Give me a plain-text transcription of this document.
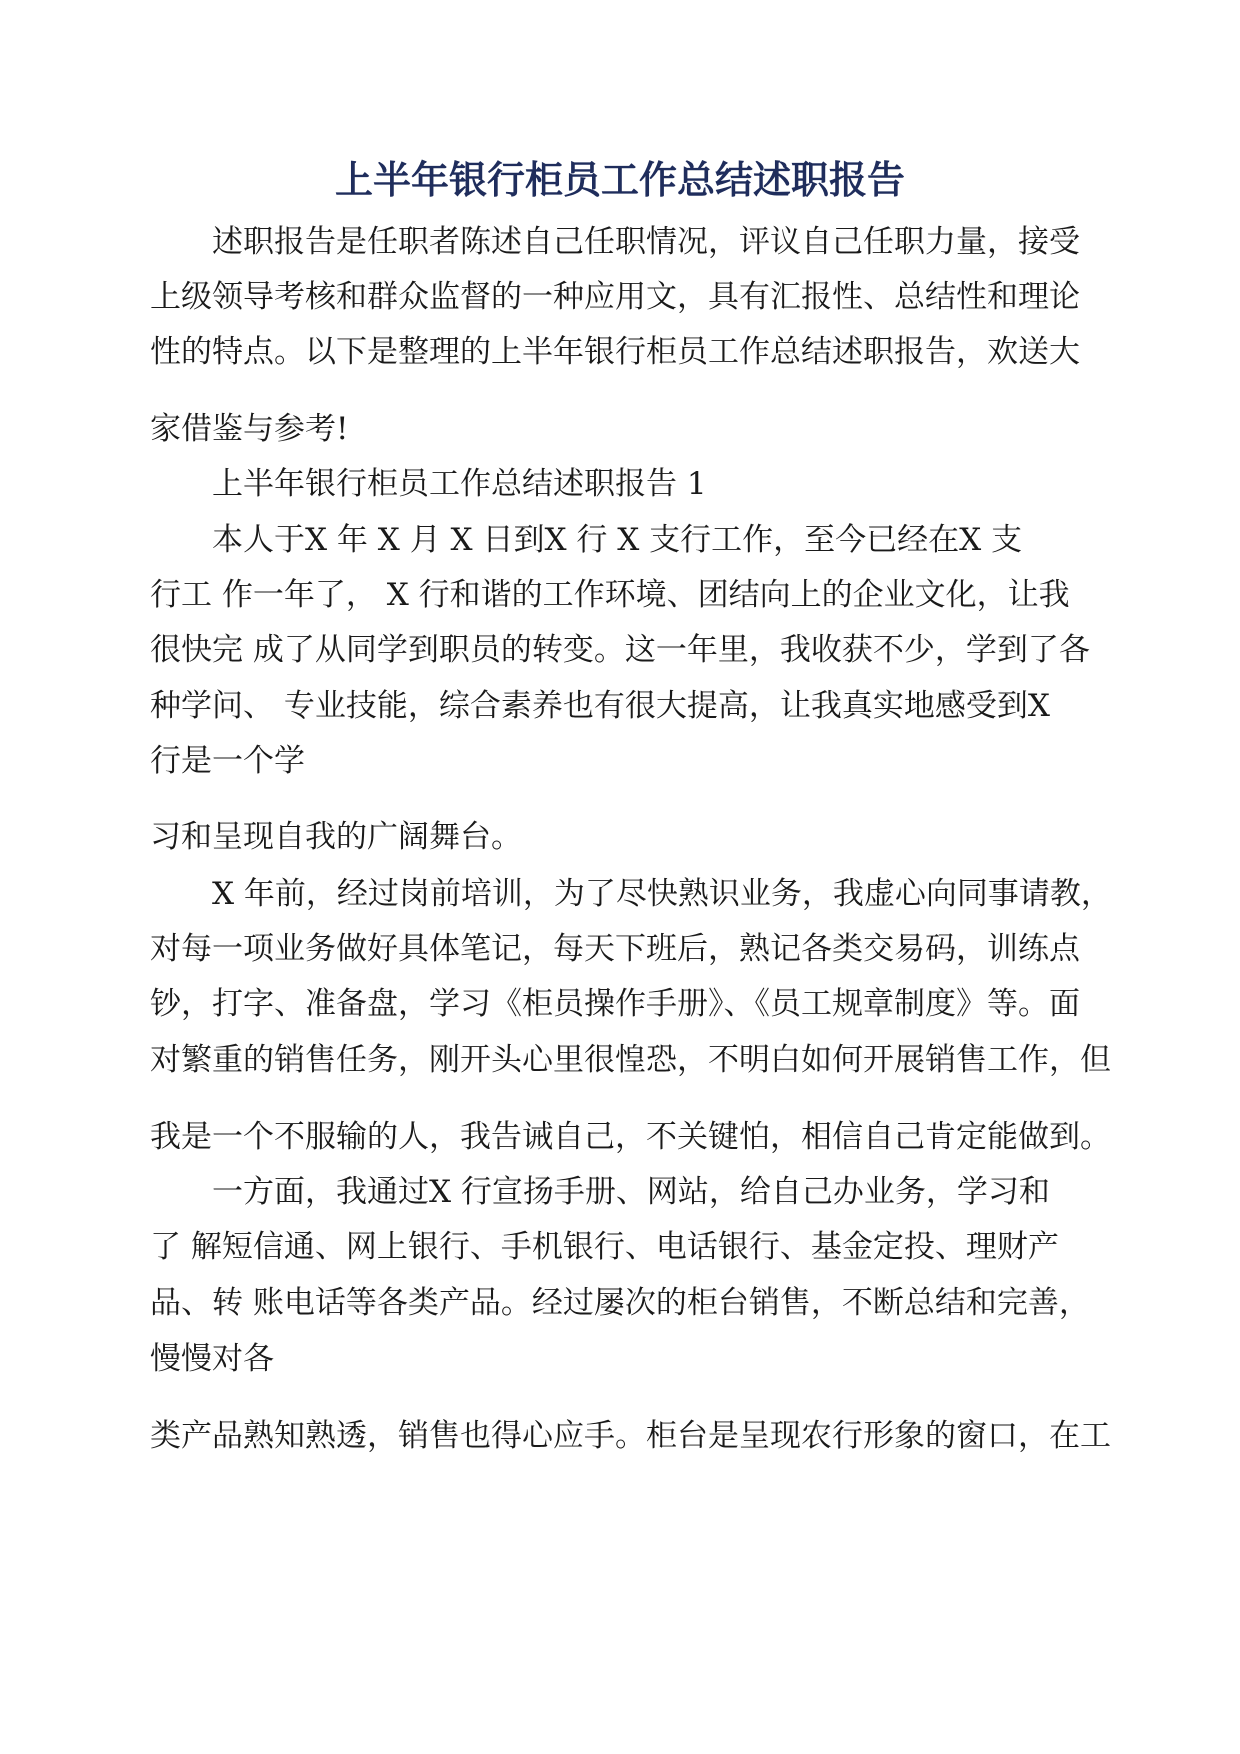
上半年银行柜员工作总结述职报告
　　述职报告是任职者陈述自己任职情况，评议自己任职力量，接受
上级领导考核和群众监督的一种应用文，具有汇报性、总结性和理论
性的特点。以下是整理的上半年银行柜员工作总结述职报告，欢送大
家借鉴与参考!
　　上半年银行柜员工作总结述职报告 1
　　本人于X 年 X 月 X 日到X 行 X 支行工作，至今已经在X 支
行工 作一年了， X 行和谐的工作环境、团结向上的企业文化，让我
很快完 成了从同学到职员的转变。这一年里，我收获不少，学到了各
种学问、 专业技能，综合素养也有很大提高，让我真实地感受到X
行是一个学
习和呈现自我的广阔舞台。
　　X 年前，经过岗前培训，为了尽快熟识业务，我虚心向同事请教，
对每一项业务做好具体笔记，每天下班后，熟记各类交易码，训练点
钞，打字、准备盘，学习《柜员操作手册》、《员工规章制度》等。面
对繁重的销售任务，刚开头心里很惶恐，不明白如何开展销售工作，但
我是一个不服输的人，我告诫自己，不关键怕，相信自己肯定能做到。
　　一方面，我通过X 行宣扬手册、网站，给自己办业务，学习和
了 解短信通、网上银行、手机银行、电话银行、基金定投、理财产
品、转 账电话等各类产品。经过屡次的柜台销售，不断总结和完善，
慢慢对各
类产品熟知熟透，销售也得心应手。柜台是呈现农行形象的窗口，在工
